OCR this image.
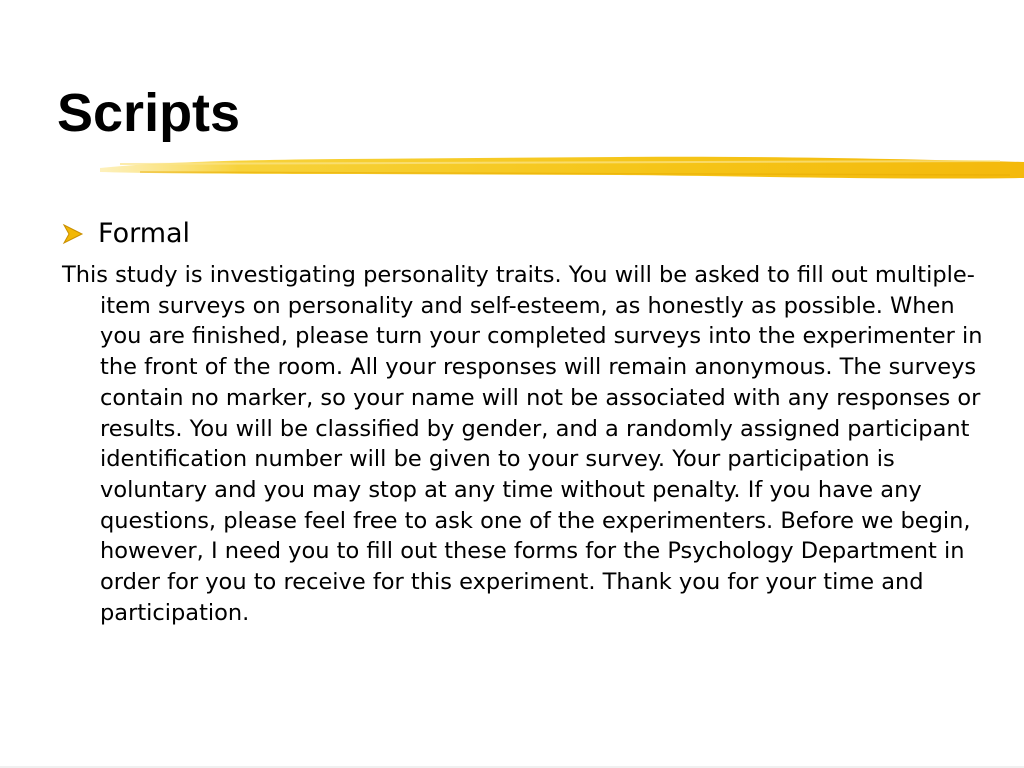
Scripts
Formal

This study is investigating personality traits. You will be asked to fill out multiple-item surveys on personality and self-esteem, as honestly as possible. When you are finished, please turn your completed surveys into the experimenter in the front of the room. All your responses will remain anonymous. The surveys contain no marker, so your name will not be associated with any responses or results. You will be classified by gender, and a randomly assigned participant identification number will be given to your survey. Your participation is voluntary and you may stop at any time without penalty. If you have any questions, please feel free to ask one of the experimenters. Before we begin, however, I need you to fill out these forms for the Psychology Department in order for you to receive for this experiment. Thank you for your time and participation.
